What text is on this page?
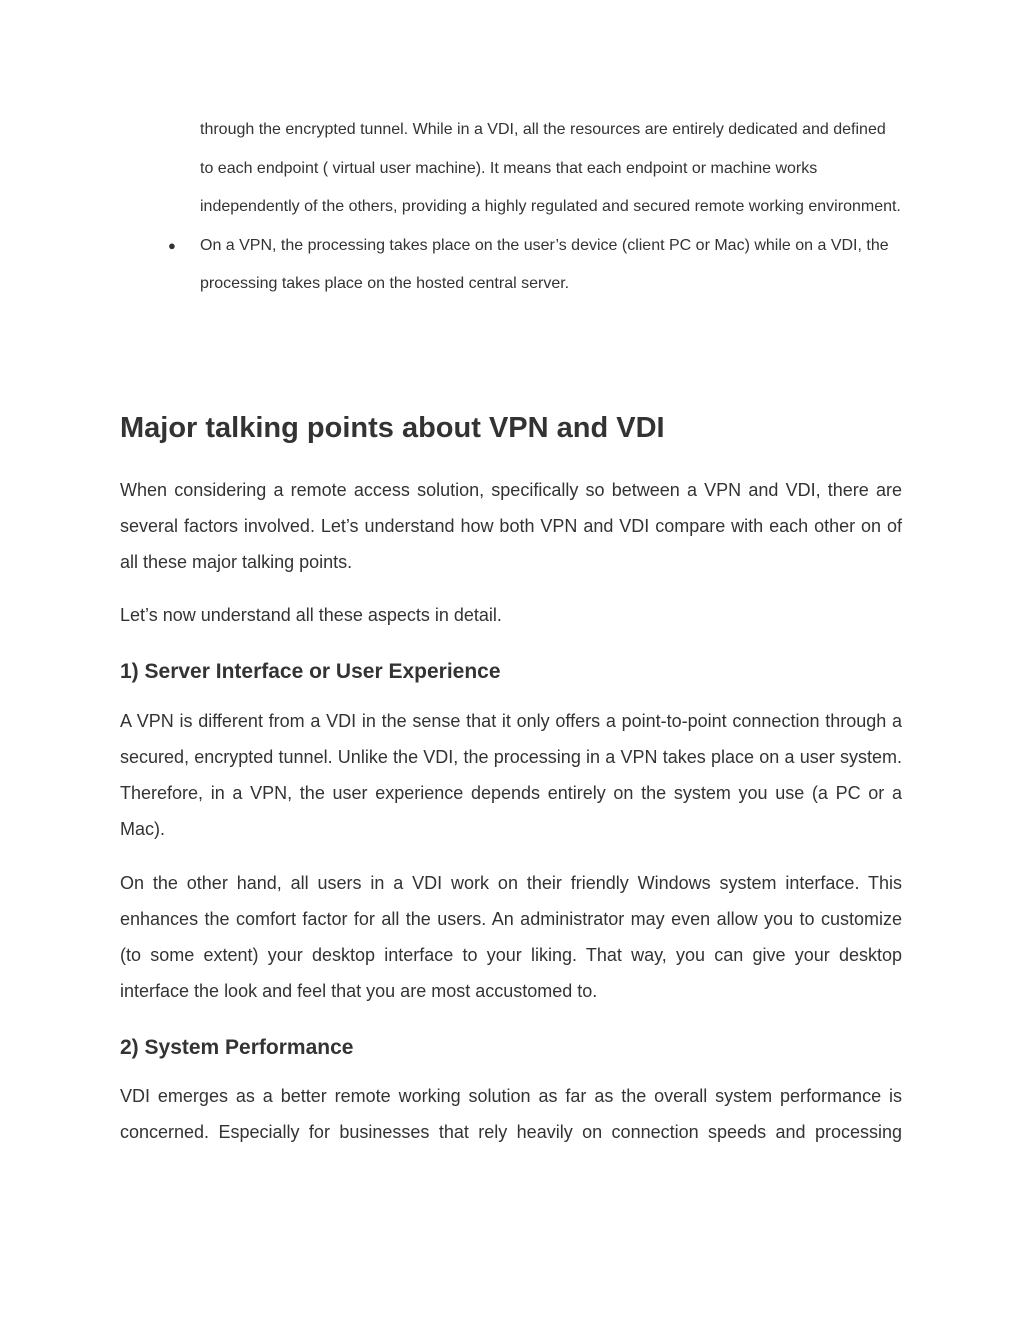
through the encrypted tunnel. While in a VDI, all the resources are entirely dedicated and defined to each endpoint ( virtual user machine). It means that each endpoint or machine works independently of the others, providing a highly regulated and secured remote working environment.
● On a VPN, the processing takes place on the user’s device (client PC or Mac) while on a VDI, the processing takes place on the hosted central server.
Major talking points about VPN and VDI

When considering a remote access solution, specifically so between a VPN and VDI, there are several factors involved. Let’s understand how both VPN and VDI compare with each other on of all these major talking points.

Let’s now understand all these aspects in detail.

1) Server Interface or User Experience

A VPN is different from a VDI in the sense that it only offers a point-to-point connection through a secured, encrypted tunnel. Unlike the VDI, the processing in a VPN takes place on a user system. Therefore, in a VPN, the user experience depends entirely on the system you use (a PC or a Mac).

On the other hand, all users in a VDI work on their friendly Windows system interface. This enhances the comfort factor for all the users. An administrator may even allow you to customize (to some extent) your desktop interface to your liking. That way, you can give your desktop interface the look and feel that you are most accustomed to.

2) System Performance

VDI emerges as a better remote working solution as far as the overall system performance is concerned. Especially for businesses that rely heavily on connection speeds and processing
